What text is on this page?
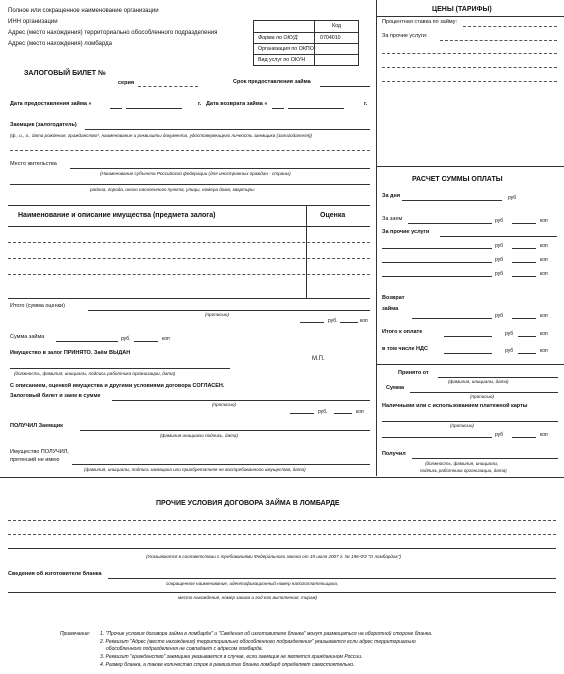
Полное или сокращенное наименование организации
ИНН организации
Адрес (место нахождения) территориально обособленного подразделения
Адрес (место нахождения) ломбарда
Код
Форма по ОКУД	0704010
Организация по ОКПО
Вид услуг по ОКУН
ЦЕНЫ (ТАРИФЫ)
Процентная ставка по займу:
За прочие услуги:
ЗАЛОГОВЫЙ БИЛЕТ №
серия	Срок предоставления займа
Дата предоставления займа «	г. Дата возврата займа «	г.
Заемщик (залогодатель)
(ф., и., о., дата рождения, гражданство*, наименование и реквизиты документа, удостоверяющего личность заемщика (залогодателя))
Место жительства
(Наименование субъекта Российской федерации (для иностранных граждан - страны)
района, города, иного населенного пункта, улицы, номера дома, квартиры
Наименование и описание имущества (предмета залога)	Оценка
Итого (сумма оценки)
(прописью)
руб.	коп
Сумма займа	руб.	коп
Имущество в залог ПРИНЯТО. Заём ВЫДАН
М.П.
(должность, фамилия, инициалы, подпись работника организации, дата)
С описанием, оценкой имущества и другими условиями договора СОГЛАСЕН.
Залоговый билет и заем в сумме
(прописью)
руб.	коп
ПОЛУЧИЛ Заемщик
(фамилия инициалы подпись, дата)
Имущество ПОЛУЧИЛ,
претензий не имею
(фамилия, инициалы, подпись заемщика или приобретателя не востребованного имущества, дата)
РАСЧЕТ СУММЫ ОПЛАТЫ
За дня	руб
За заем	руб	коп
За прочие услуги
руб	коп
руб	коп
руб	коп
Возврат
займа
руб	коп
Итого к оплате	руб	коп
в том числе НДС	руб	коп
Принято от
(фамилия, инициалы, дата)
Сумма
(прописью)
Наличными или с использованием платежной карты
(прописью)
руб	коп
Получил
(должность, фамилия, инициалы,
подпись работника организации, дата)
ПРОЧИЕ УСЛОВИЯ ДОГОВОРА ЗАЙМА В ЛОМБАРДЕ
(Указываются в соответствии с требованиями Федерального закона от 19 июля 2007 г. № 196-ФЗ "О ломбардах")
Сведения об изготовителе бланка
сокращенное наименование, идентификационный номер налогоплательщика,
место нахождения, номер заказа и год его выполнения, тираж)
Примечание: 1. "Прочие условия договора займа в ломбарде" и "Сведения об изготовителе бланка" могут размещаться на оборотной стороне бланка.
2. Реквизит "Адрес (место нахождения) территориально обособленного подразделения" указывается если адрес территориально
обособленного подразделения не совпадает с адресом ломбарда.
3. Реквизит "гражданство" заемщика указывается в случае, если заемщик не является гражданином России.
4. Размер бланка, а также количество строк в реквизитах бланка ломбард определяет самостоятельно.
